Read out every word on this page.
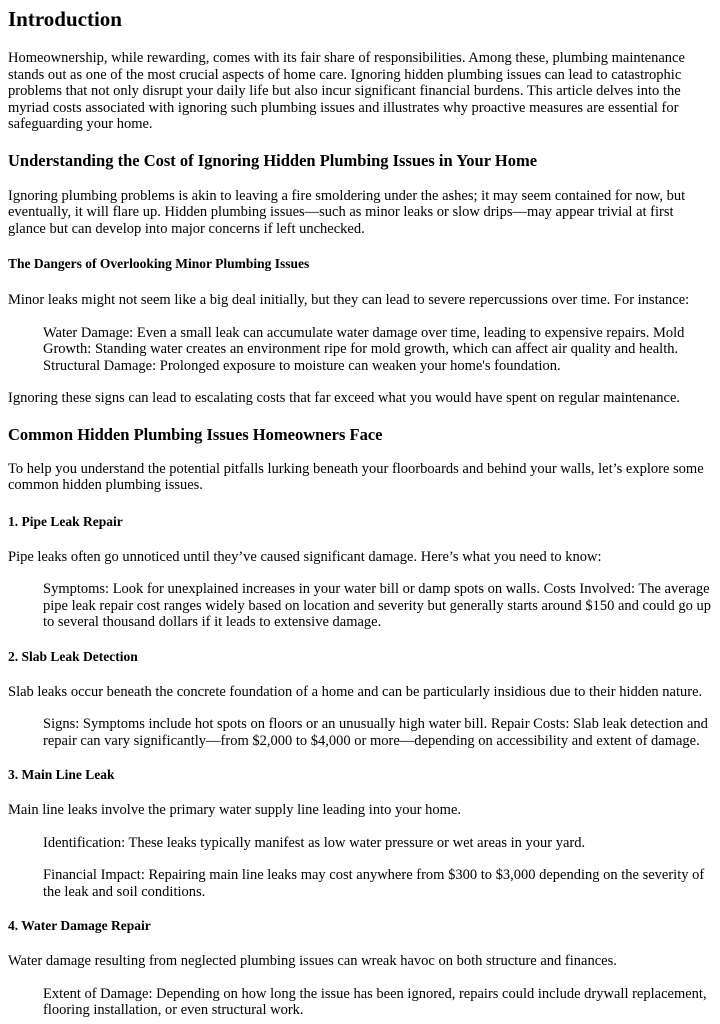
Introduction

Homeownership, while rewarding, comes with its fair share of responsibilities. Among these, plumbing maintenance stands out as one of the most crucial aspects of home care. Ignoring hidden plumbing issues can lead to catastrophic problems that not only disrupt your daily life but also incur significant financial burdens. This article delves into the myriad costs associated with ignoring such plumbing issues and illustrates why proactive measures are essential for safeguarding your home.

Understanding the Cost of Ignoring Hidden Plumbing Issues in Your Home

Ignoring plumbing problems is akin to leaving a fire smoldering under the ashes; it may seem contained for now, but eventually, it will flare up. Hidden plumbing issues—such as minor leaks or slow drips—may appear trivial at first glance but can develop into major concerns if left unchecked.

The Dangers of Overlooking Minor Plumbing Issues

Minor leaks might not seem like a big deal initially, but they can lead to severe repercussions over time. For instance:

Water Damage: Even a small leak can accumulate water damage over time, leading to expensive repairs. Mold Growth: Standing water creates an environment ripe for mold growth, which can affect air quality and health. Structural Damage: Prolonged exposure to moisture can weaken your home's foundation.

Ignoring these signs can lead to escalating costs that far exceed what you would have spent on regular maintenance.

Common Hidden Plumbing Issues Homeowners Face

To help you understand the potential pitfalls lurking beneath your floorboards and behind your walls, let’s explore some common hidden plumbing issues.

1. Pipe Leak Repair

Pipe leaks often go unnoticed until they’ve caused significant damage. Here’s what you need to know:

Symptoms: Look for unexplained increases in your water bill or damp spots on walls. Costs Involved: The average pipe leak repair cost ranges widely based on location and severity but generally starts around $150 and could go up to several thousand dollars if it leads to extensive damage.

2. Slab Leak Detection

Slab leaks occur beneath the concrete foundation of a home and can be particularly insidious due to their hidden nature.

Signs: Symptoms include hot spots on floors or an unusually high water bill. Repair Costs: Slab leak detection and repair can vary significantly—from $2,000 to $4,000 or more—depending on accessibility and extent of damage.

3. Main Line Leak

Main line leaks involve the primary water supply line leading into your home.

Identification: These leaks typically manifest as low water pressure or wet areas in your yard.

Financial Impact: Repairing main line leaks may cost anywhere from $300 to $3,000 depending on the severity of the leak and soil conditions.

4. Water Damage Repair

Water damage resulting from neglected plumbing issues can wreak havoc on both structure and finances.

Extent of Damage: Depending on how long the issue has been ignored, repairs could include drywall replacement, flooring installation, or even structural work.
